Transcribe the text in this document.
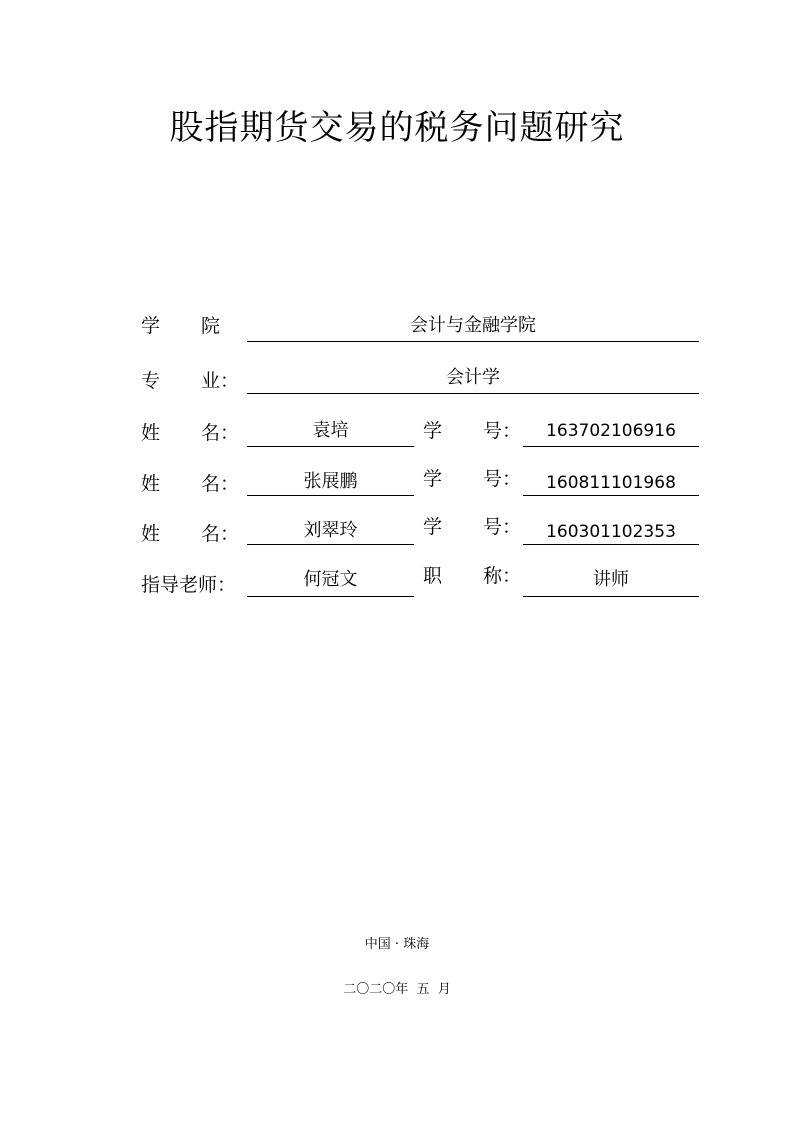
股指期货交易的税务问题研究
学 院	会计与金融学院
专 业：	会计学
姓 名：	袁培	学 号：	163702106916
姓 名：	张展鹏	学 号：	160811101968
姓 名：	刘翠玲	学 号：	160301102353
指导老师：	何冠文	职 称：	讲师
中国 · 珠海
二〇二〇年  五  月
